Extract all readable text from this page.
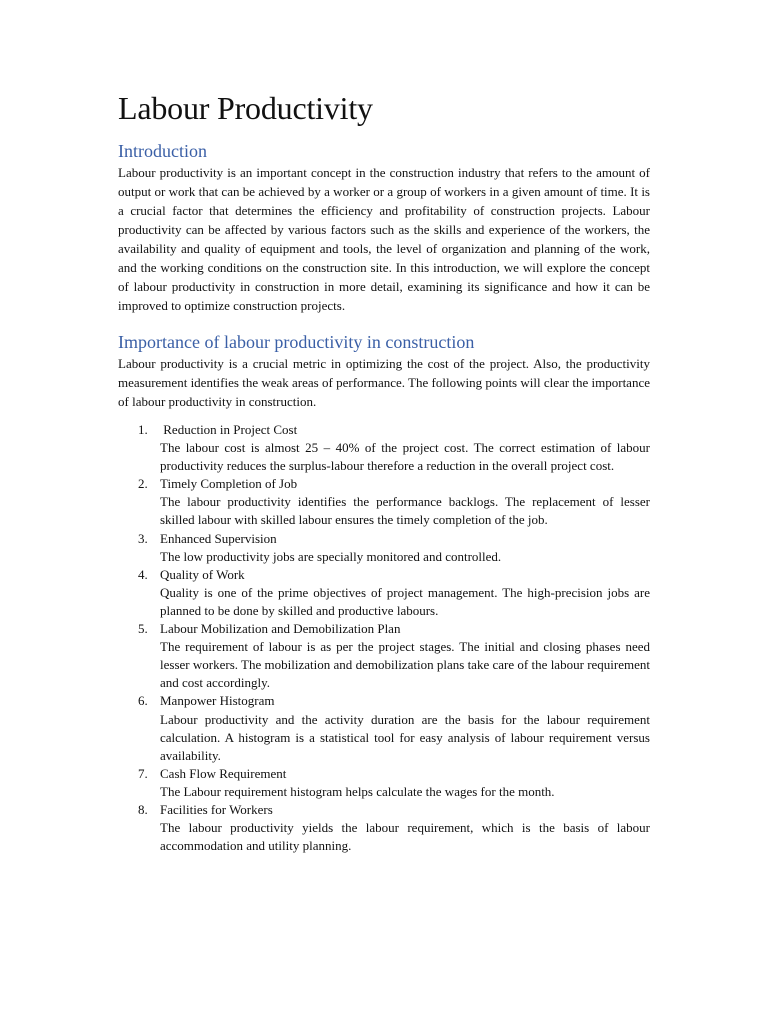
Labour Productivity
Introduction

Labour productivity is an important concept in the construction industry that refers to the amount of output or work that can be achieved by a worker or a group of workers in a given amount of time. It is a crucial factor that determines the efficiency and profitability of construction projects. Labour productivity can be affected by various factors such as the skills and experience of the workers, the availability and quality of equipment and tools, the level of organization and planning of the work, and the working conditions on the construction site. In this introduction, we will explore the concept of labour productivity in construction in more detail, examining its significance and how it can be improved to optimize construction projects.

Importance of labour productivity in construction

Labour productivity is a crucial metric in optimizing the cost of the project. Also, the productivity measurement identifies the weak areas of performance. The following points will clear the importance of labour productivity in construction.

1. Reduction in Project Cost
The labour cost is almost 25 – 40% of the project cost. The correct estimation of labour productivity reduces the surplus-labour therefore a reduction in the overall project cost.
2. Timely Completion of Job
The labour productivity identifies the performance backlogs. The replacement of lesser skilled labour with skilled labour ensures the timely completion of the job.
3. Enhanced Supervision
The low productivity jobs are specially monitored and controlled.
4. Quality of Work
Quality is one of the prime objectives of project management. The high-precision jobs are planned to be done by skilled and productive labours.
5. Labour Mobilization and Demobilization Plan
The requirement of labour is as per the project stages. The initial and closing phases need lesser workers. The mobilization and demobilization plans take care of the labour requirement and cost accordingly.
6. Manpower Histogram
Labour productivity and the activity duration are the basis for the labour requirement calculation. A histogram is a statistical tool for easy analysis of labour requirement versus availability.
7. Cash Flow Requirement
The Labour requirement histogram helps calculate the wages for the month.
8. Facilities for Workers
The labour productivity yields the labour requirement, which is the basis of labour accommodation and utility planning.
